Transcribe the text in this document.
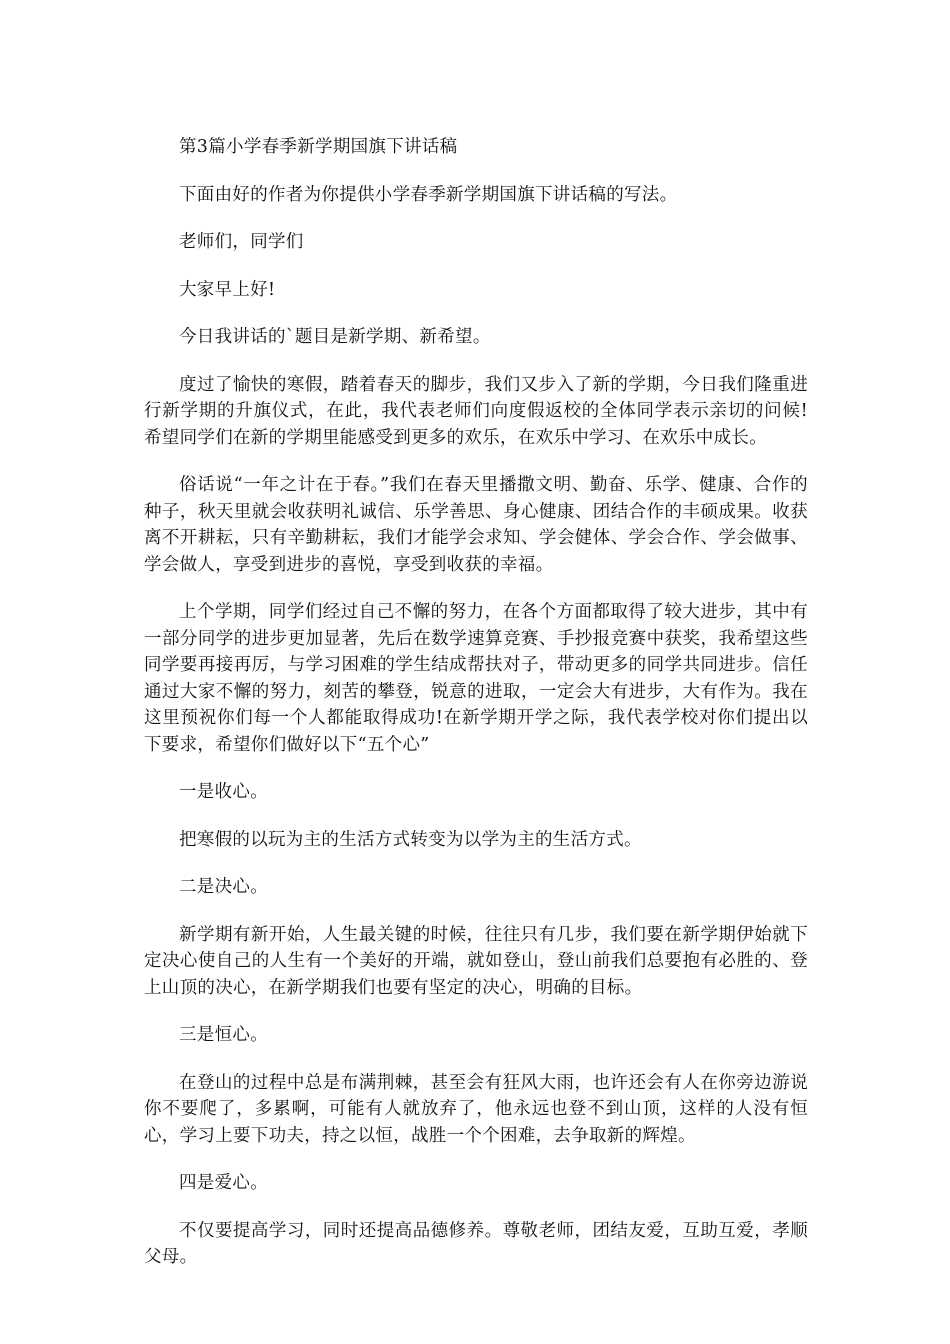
第3篇小学春季新学期国旗下讲话稿

下面由好的作者为你提供小学春季新学期国旗下讲话稿的写法。

老师们，同学们

大家早上好!

今日我讲话的`题目是新学期、新希望。

度过了愉快的寒假，踏着春天的脚步，我们又步入了新的学期，今日我们隆重进行新学期的升旗仪式，在此，我代表老师们向度假返校的全体同学表示亲切的问候!希望同学们在新的学期里能感受到更多的欢乐，在欢乐中学习、在欢乐中成长。

俗话说“一年之计在于春。”我们在春天里播撒文明、勤奋、乐学、健康、合作的种子，秋天里就会收获明礼诚信、乐学善思、身心健康、团结合作的丰硕成果。收获离不开耕耘，只有辛勤耕耘，我们才能学会求知、学会健体、学会合作、学会做事、学会做人，享受到进步的喜悦，享受到收获的幸福。

上个学期，同学们经过自己不懈的努力，在各个方面都取得了较大进步，其中有一部分同学的进步更加显著，先后在数学速算竞赛、手抄报竞赛中获奖，我希望这些同学要再接再厉，与学习困难的学生结成帮扶对子，带动更多的同学共同进步。信任通过大家不懈的努力，刻苦的攀登，锐意的进取，一定会大有进步，大有作为。我在这里预祝你们每一个人都能取得成功!在新学期开学之际，我代表学校对你们提出以下要求，希望你们做好以下“五个心”

一是收心。

把寒假的以玩为主的生活方式转变为以学为主的生活方式。

二是决心。

新学期有新开始，人生最关键的时候，往往只有几步，我们要在新学期伊始就下定决心使自己的人生有一个美好的开端，就如登山，登山前我们总要抱有必胜的、登上山顶的决心，在新学期我们也要有坚定的决心，明确的目标。

三是恒心。

在登山的过程中总是布满荆棘，甚至会有狂风大雨，也许还会有人在你旁边游说你不要爬了，多累啊，可能有人就放弃了，他永远也登不到山顶，这样的人没有恒心，学习上要下功夫，持之以恒，战胜一个个困难，去争取新的辉煌。

四是爱心。

不仅要提高学习，同时还提高品德修养。尊敬老师，团结友爱，互助互爱，孝顺父母。
